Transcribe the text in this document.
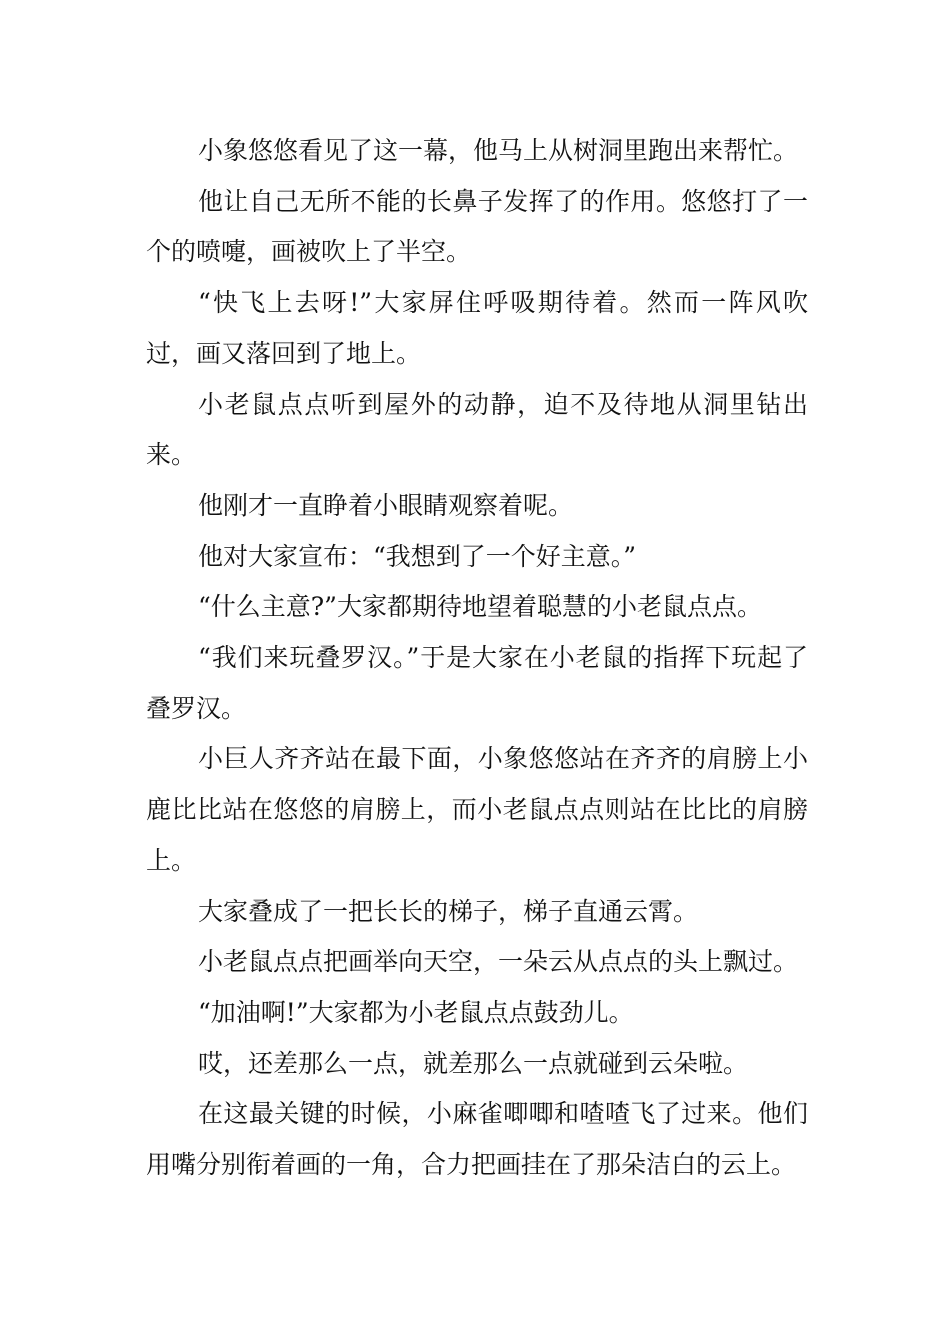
小象悠悠看见了这一幕，他马上从树洞里跑出来帮忙。

他让自己无所不能的长鼻子发挥了的作用。悠悠打了一个的喷嚏，画被吹上了半空。

“快飞上去呀!”大家屏住呼吸期待着。然而一阵风吹过，画又落回到了地上。

小老鼠点点听到屋外的动静，迫不及待地从洞里钻出来。

他刚才一直睁着小眼睛观察着呢。

他对大家宣布：“我想到了一个好主意。”

“什么主意?”大家都期待地望着聪慧的小老鼠点点。

“我们来玩叠罗汉。”于是大家在小老鼠的指挥下玩起了叠罗汉。

小巨人齐齐站在最下面，小象悠悠站在齐齐的肩膀上小鹿比比站在悠悠的肩膀上，而小老鼠点点则站在比比的肩膀上。

大家叠成了一把长长的梯子，梯子直通云霄。

小老鼠点点把画举向天空，一朵云从点点的头上飘过。

“加油啊!”大家都为小老鼠点点鼓劲儿。

哎，还差那么一点，就差那么一点就碰到云朵啦。

在这最关键的时候，小麻雀唧唧和喳喳飞了过来。他们用嘴分别衔着画的一角，合力把画挂在了那朵洁白的云上。
